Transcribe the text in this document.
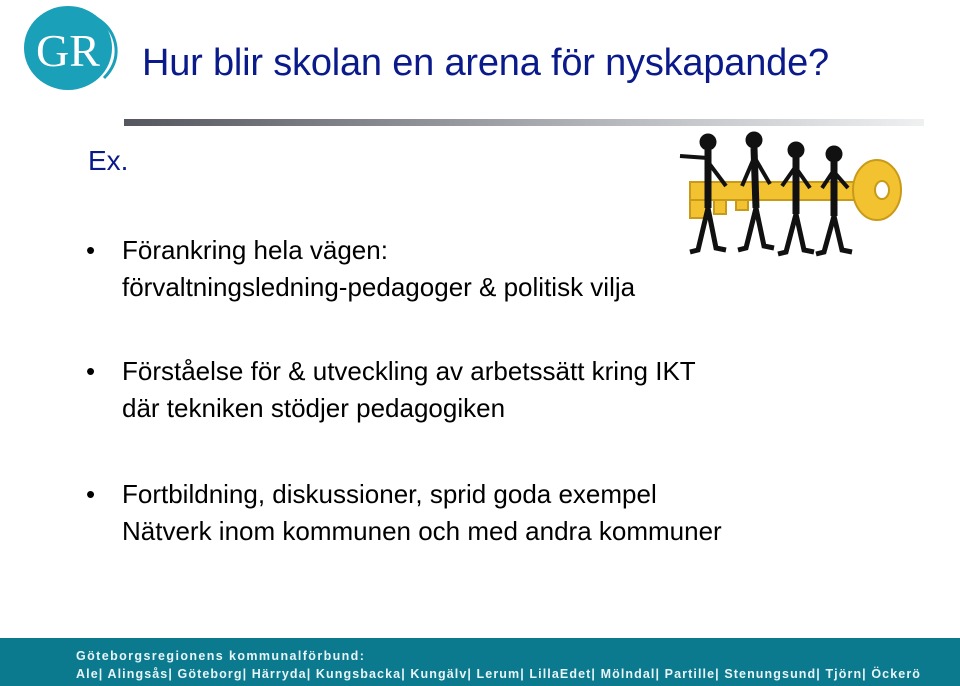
GR Hur blir skolan en arena för nyskapande?
Ex.
•	Förankring hela vägen:
förvaltningsledning-pedagoger & politisk vilja
•	Förståelse för & utveckling av arbetssätt kring IKT
där tekniken stödjer pedagogiken
•	Fortbildning, diskussioner, sprid goda exempel
Nätverk inom kommunen och med andra kommuner
Göteborgsregionens kommunalförbund:
Ale| Alingsås| Göteborg| Härryda| Kungsbacka| Kungälv| Lerum| LillaEdet| Mölndal| Partille| Stenungsund| Tjörn| Öckerö
